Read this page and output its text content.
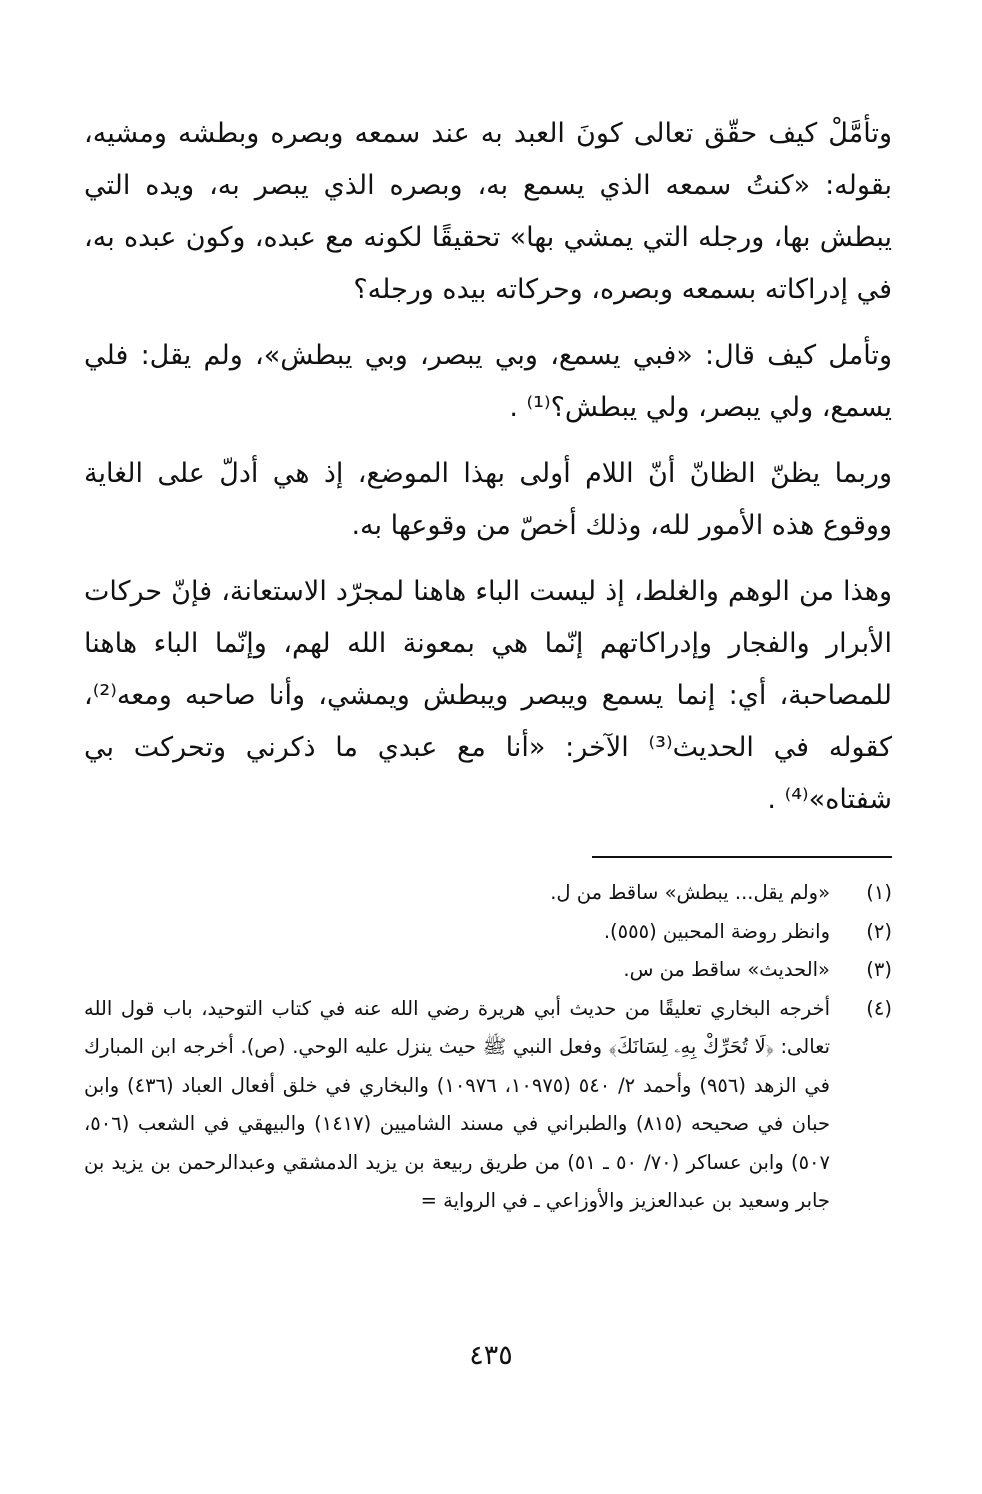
وتأمَّلْ كيف حقّق تعالى كونَ العبد به عند سمعه وبصره وبطشه ومشيه، بقوله: «كنتُ سمعه الذي يسمع به، وبصره الذي يبصر به، ويده التي يبطش بها، ورجله التي يمشي بها» تحقيقًا لكونه مع عبده، وكون عبده به، في إدراكاته بسمعه وبصره، وحركاته بيده ورجله؟

وتأمل كيف قال: «فبي يسمع، وبي يبصر، وبي يبطش»، ولم يقل: فلي يسمع، ولي يبصر، ولي يبطش؟⁽¹⁾ .

وربما يظنّ الظانّ أنّ اللام أولى بهذا الموضع، إذ هي أدلّ على الغاية ووقوع هذه الأمور لله، وذلك أخصّ من وقوعها به.

وهذا من الوهم والغلط، إذ ليست الباء هاهنا لمجرّد الاستعانة، فإنّ حركات الأبرار والفجار وإدراكاتهم إنّما هي بمعونة الله لهم، وإنّما الباء هاهنا للمصاحبة، أي: إنما يسمع ويبصر ويبطش ويمشي، وأنا صاحبه ومعه⁽²⁾، كقوله في الحديث⁽³⁾ الآخر: «أنا مع عبدي ما ذكرني وتحركت بي شفتاه»⁽⁴⁾ .

(١)
«ولم يقل... يبطش» ساقط من ل.
(٢)
وانظر روضة المحبين (٥٥٥).
(٣)
«الحديث» ساقط من س.
(٤)
أخرجه البخاري تعليقًا من حديث أبي هريرة رضي الله عنه في كتاب التوحيد، باب قول الله تعالى: ﴿لَا تُحَرِّكْ بِهِۦ لِسَانَكَ﴾ وفعل النبي ﷺ حيث ينزل عليه الوحي. (ص). أخرجه ابن المبارك في الزهد (٩٥٦) وأحمد ٢/ ٥٤٠ (١٠٩٧٥، ١٠٩٧٦) والبخاري في خلق أفعال العباد (٤٣٦) وابن حبان في صحيحه (٨١٥) والطبراني في مسند الشاميين (١٤١٧) والبيهقي في الشعب (٥٠٦، ٥٠٧) وابن عساكر (٧٠/ ٥٠ ـ ٥١) من طريق ربيعة بن يزيد الدمشقي وعبدالرحمن بن يزيد بن جابر وسعيد بن عبدالعزيز والأوزاعي ـ في الرواية =
٤٣٥
